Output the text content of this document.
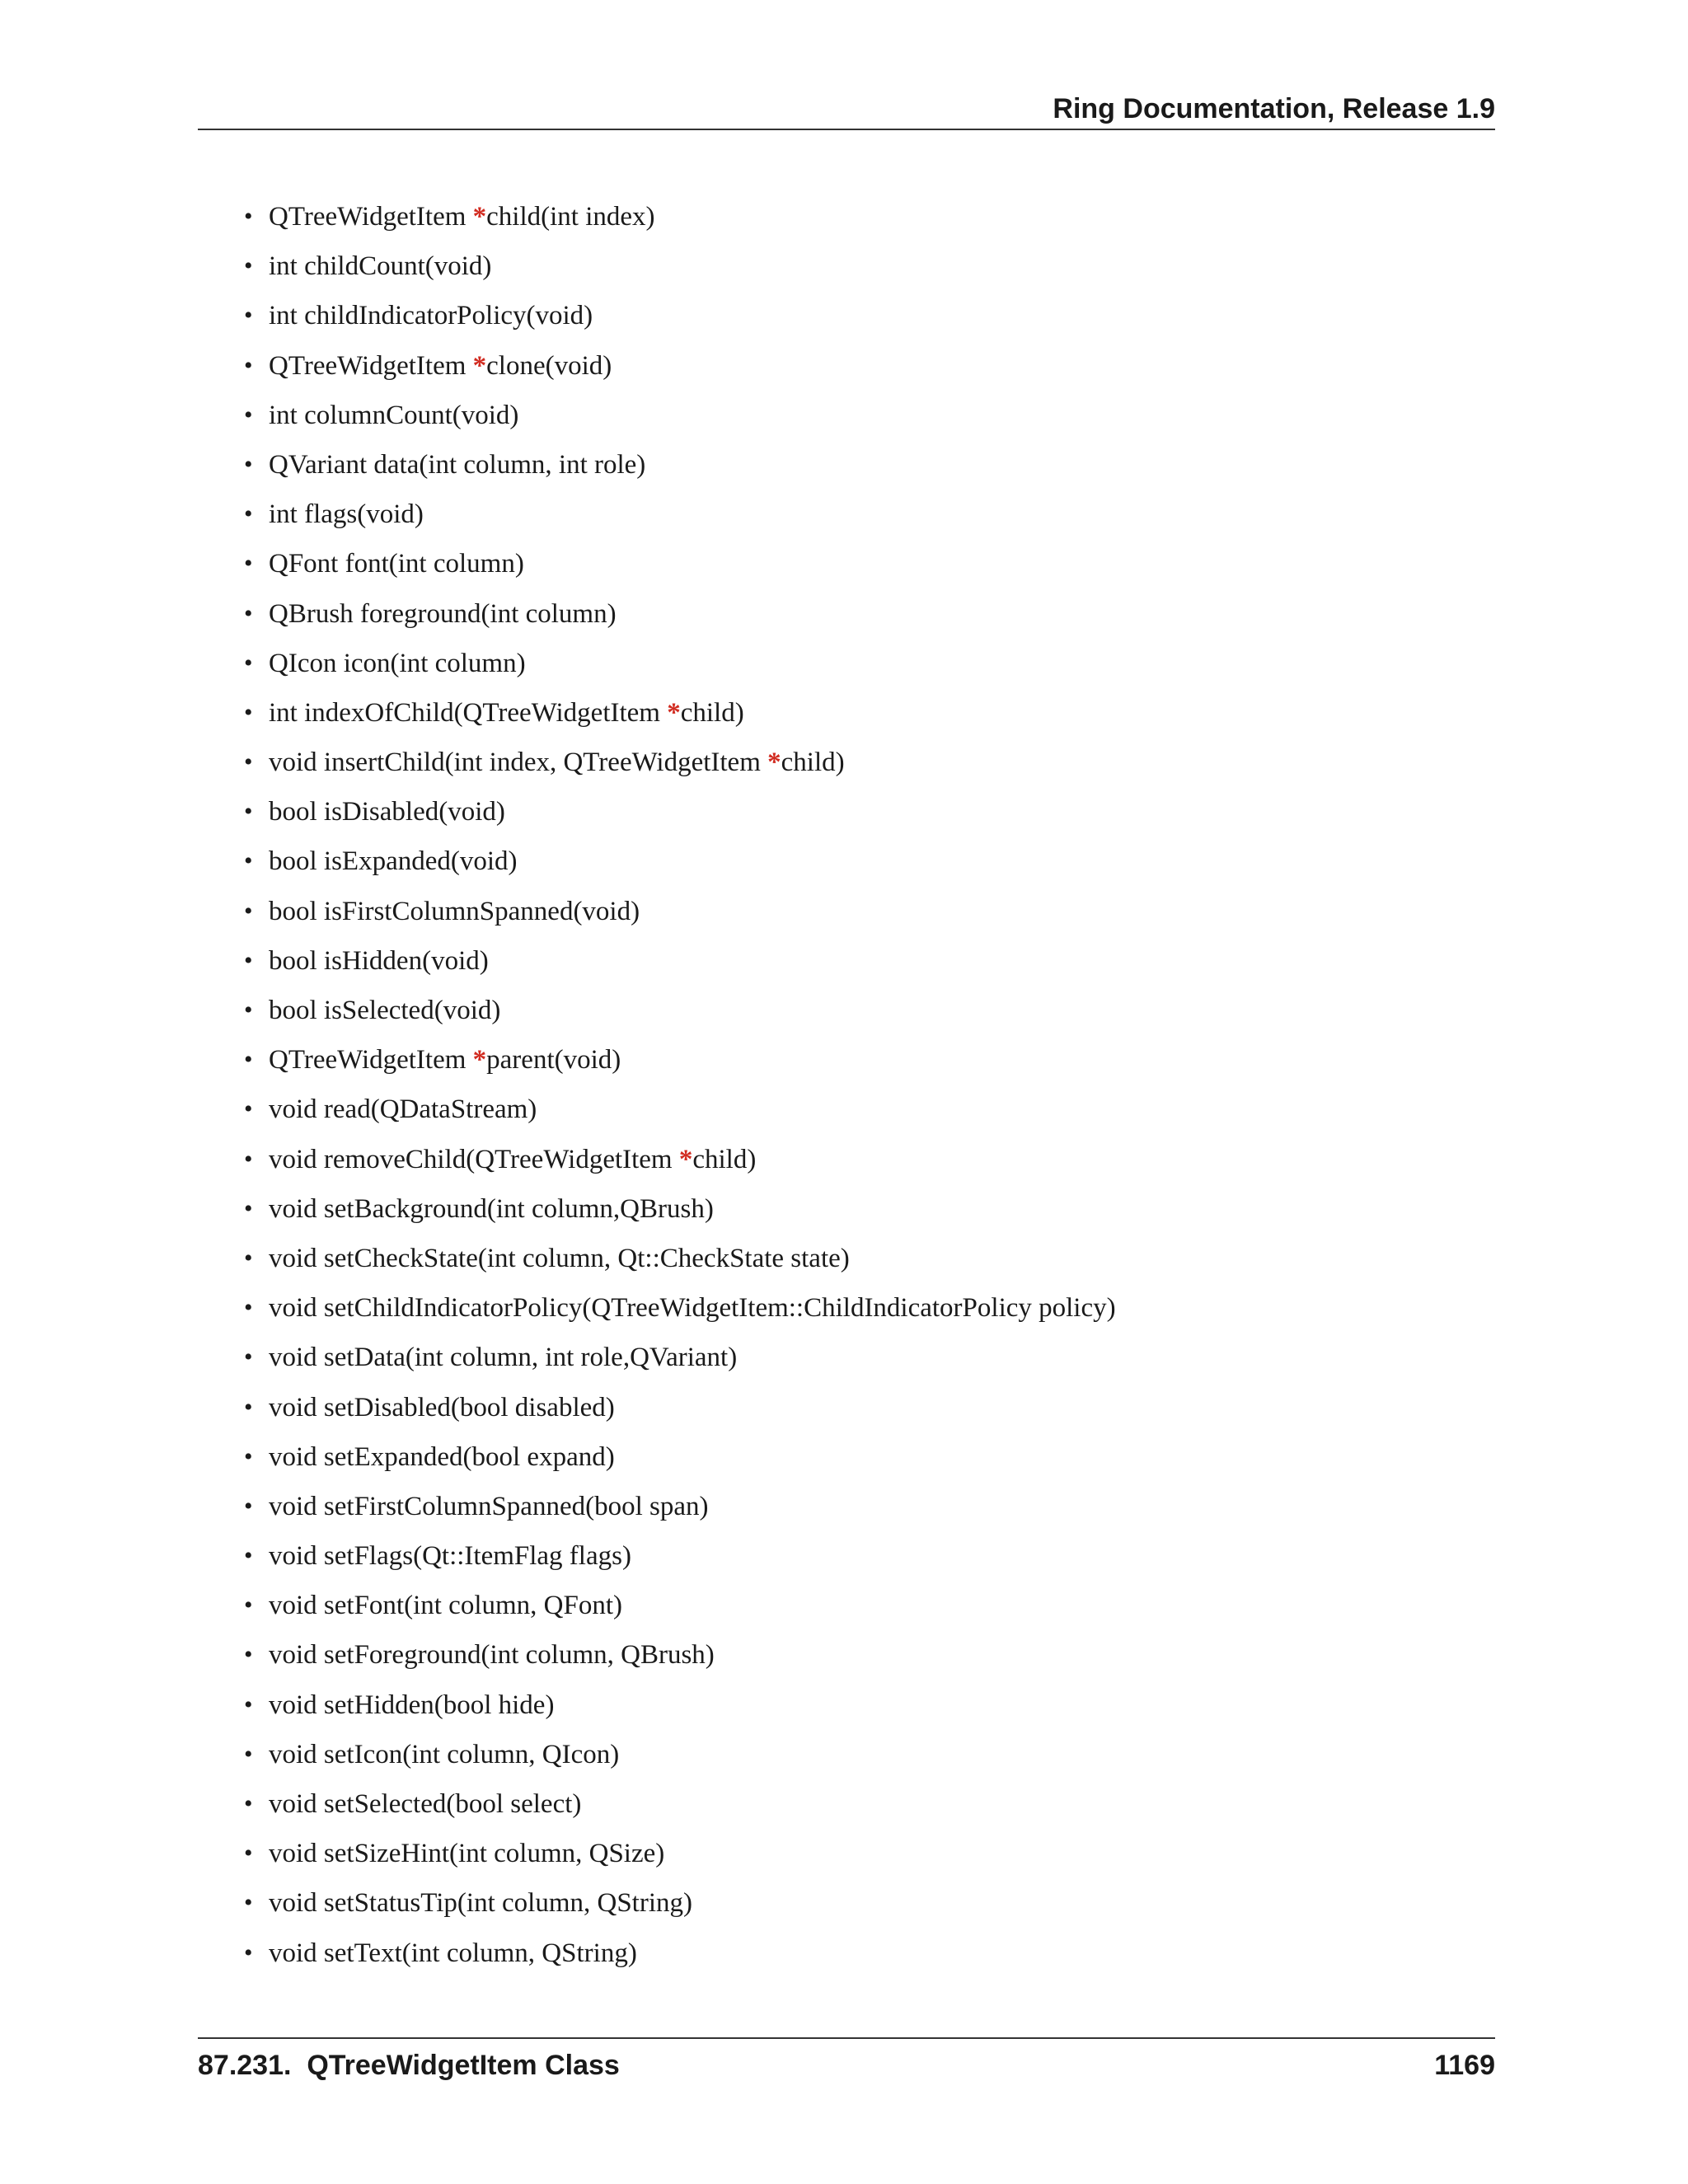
Ring Documentation, Release 1.9
• QTreeWidgetItem *child(int index)
• int childCount(void)
• int childIndicatorPolicy(void)
• QTreeWidgetItem *clone(void)
• int columnCount(void)
• QVariant data(int column, int role)
• int flags(void)
• QFont font(int column)
• QBrush foreground(int column)
• QIcon icon(int column)
• int indexOfChild(QTreeWidgetItem *child)
• void insertChild(int index, QTreeWidgetItem *child)
• bool isDisabled(void)
• bool isExpanded(void)
• bool isFirstColumnSpanned(void)
• bool isHidden(void)
• bool isSelected(void)
• QTreeWidgetItem *parent(void)
• void read(QDataStream)
• void removeChild(QTreeWidgetItem *child)
• void setBackground(int column,QBrush)
• void setCheckState(int column, Qt::CheckState state)
• void setChildIndicatorPolicy(QTreeWidgetItem::ChildIndicatorPolicy policy)
• void setData(int column, int role,QVariant)
• void setDisabled(bool disabled)
• void setExpanded(bool expand)
• void setFirstColumnSpanned(bool span)
• void setFlags(Qt::ItemFlag flags)
• void setFont(int column, QFont)
• void setForeground(int column, QBrush)
• void setHidden(bool hide)
• void setIcon(int column, QIcon)
• void setSelected(bool select)
• void setSizeHint(int column, QSize)
• void setStatusTip(int column, QString)
• void setText(int column, QString)
87.231.  QTreeWidgetItem Class	1169
